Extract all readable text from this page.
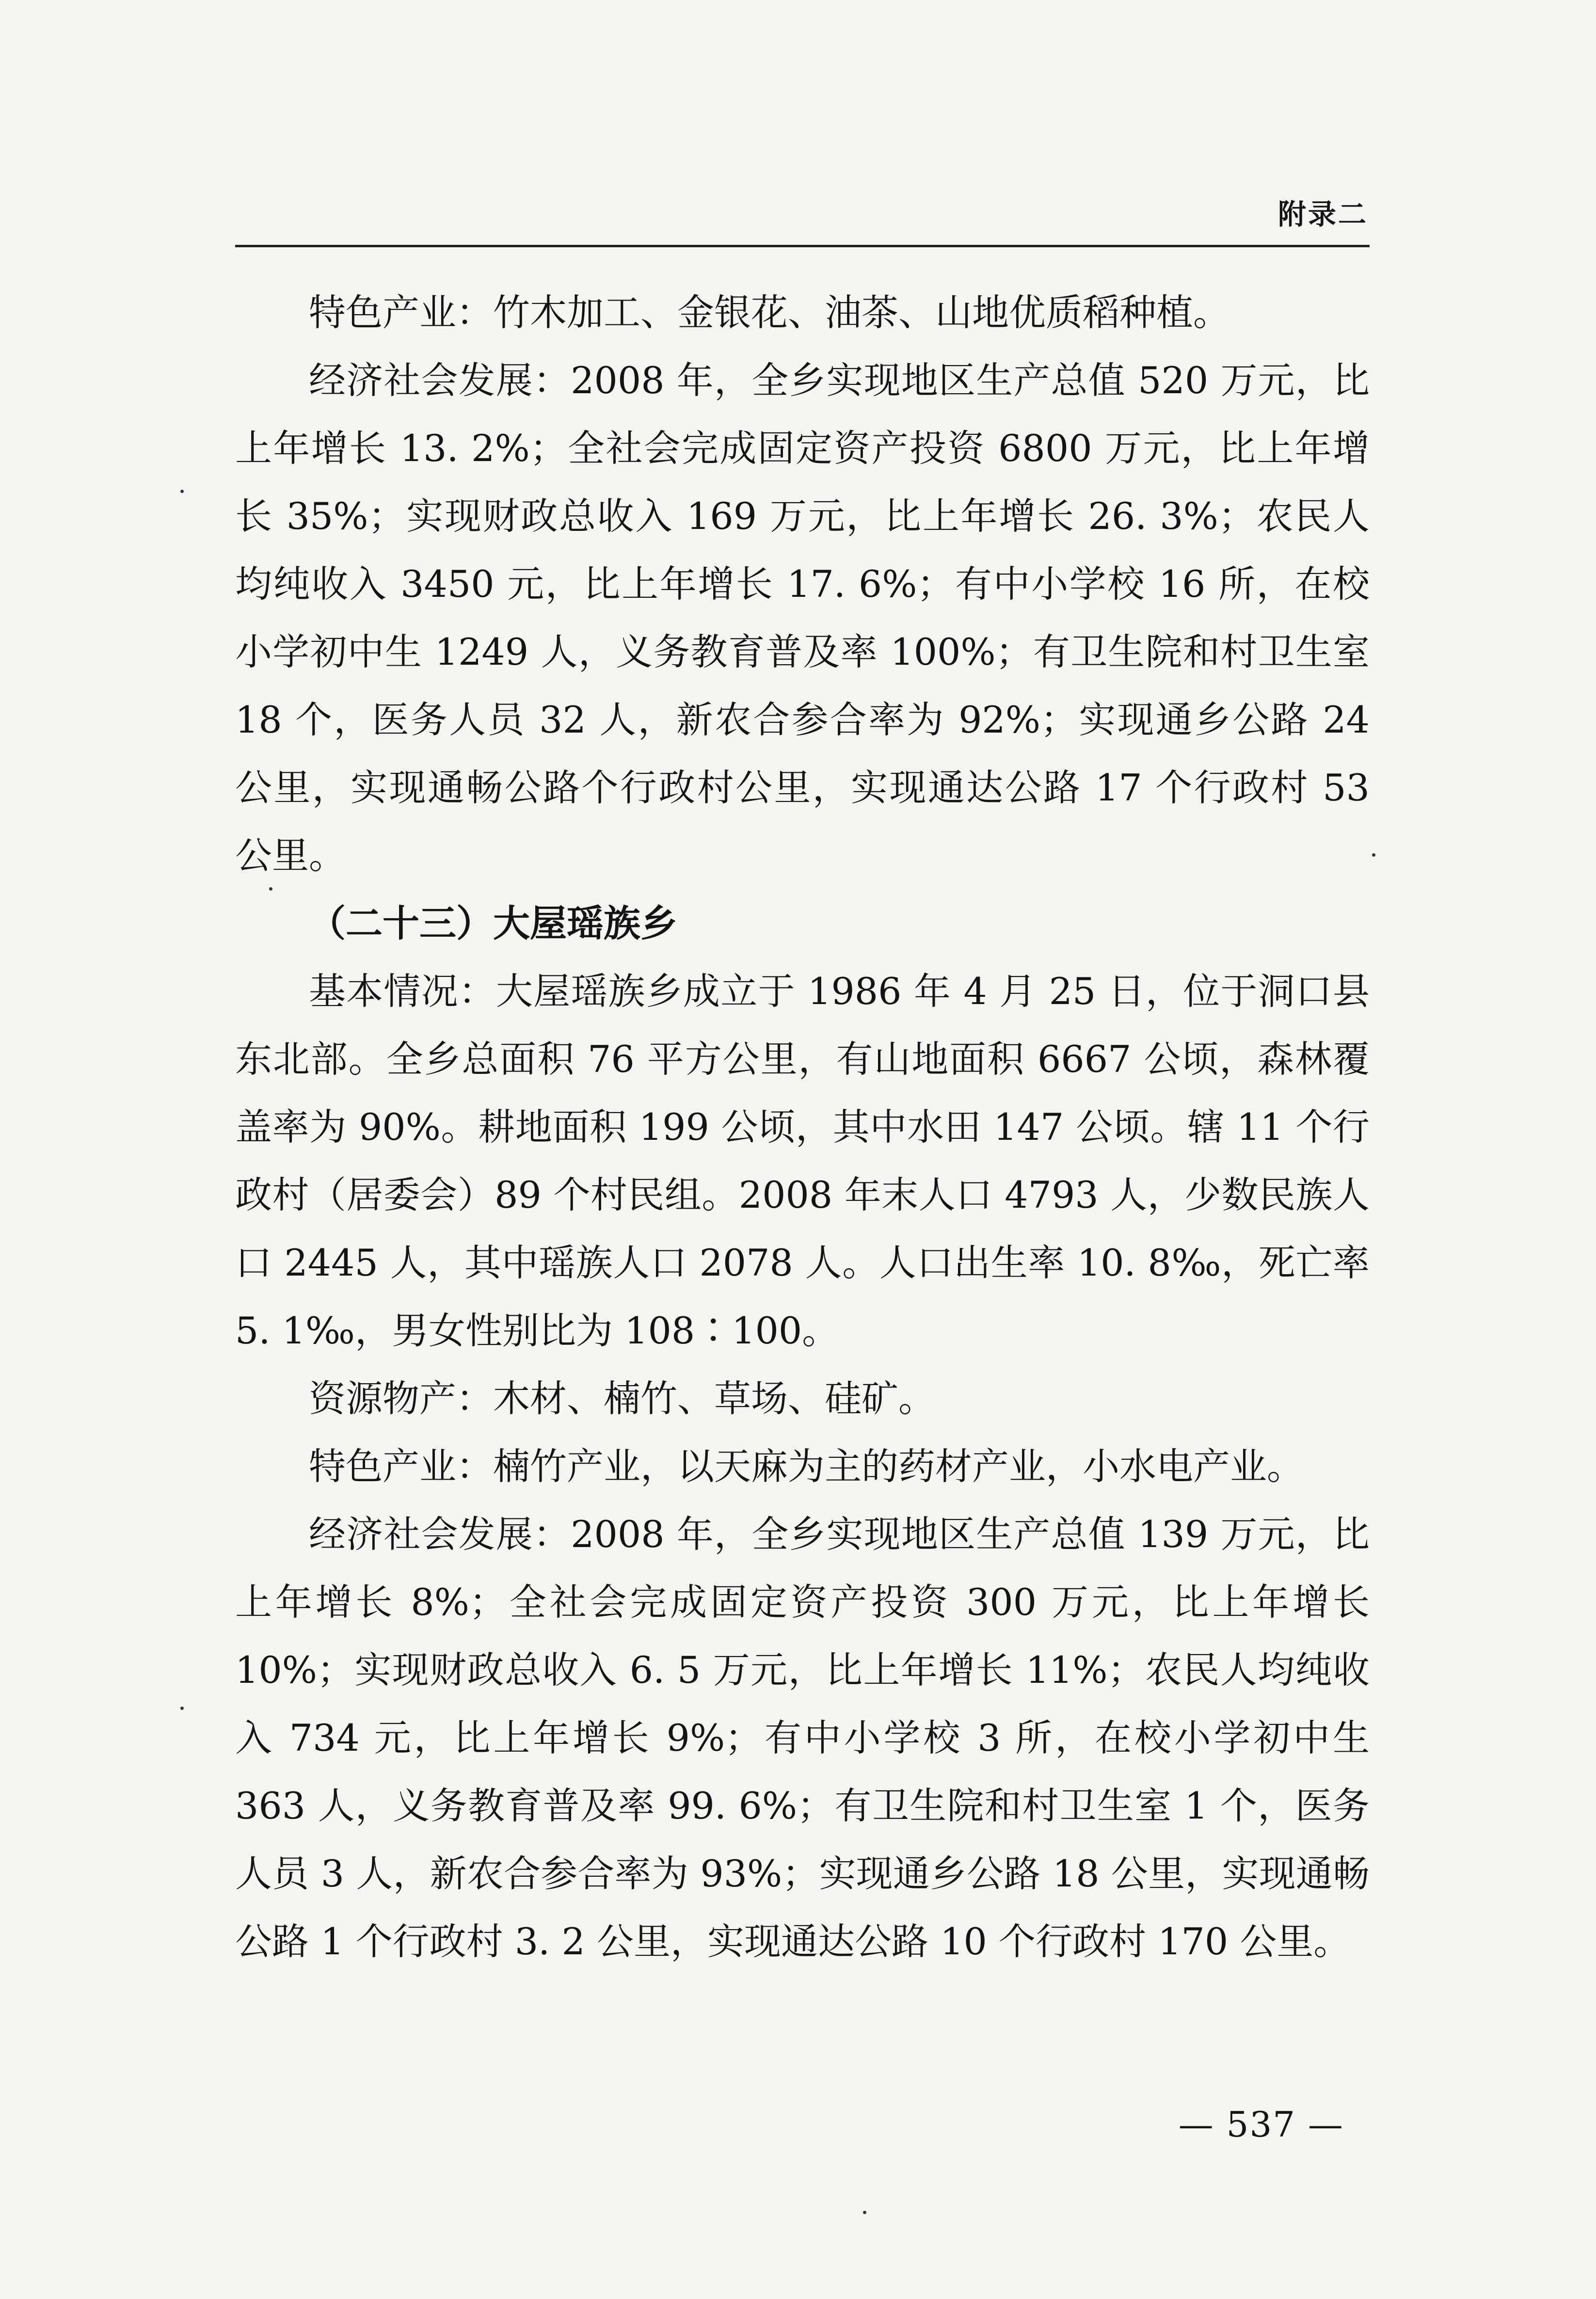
附录二

特色产业：竹木加工、金银花、油茶、山地优质稻种植。

经济社会发展：2008 年，全乡实现地区生产总值 520 万元，比上年增长 13. 2%；全社会完成固定资产投资 6800 万元，比上年增长 35%；实现财政总收入 169 万元，比上年增长 26. 3%；农民人均纯收入 3450 元，比上年增长 17. 6%；有中小学校 16 所，在校小学初中生 1249 人，义务教育普及率 100%；有卫生院和村卫生室 18 个，医务人员 32 人，新农合参合率为 92%；实现通乡公路 24 公里，实现通畅公路个行政村公里，实现通达公路 17 个行政村 53 公里。

（二十三）大屋瑶族乡

基本情况：大屋瑶族乡成立于 1986 年 4 月 25 日，位于洞口县东北部。全乡总面积 76 平方公里，有山地面积 6667 公顷，森林覆盖率为 90%。耕地面积 199 公顷，其中水田 147 公顷。辖 11 个行政村（居委会）89 个村民组。2008 年末人口 4793 人，少数民族人口 2445 人，其中瑶族人口 2078 人。人口出生率 10. 8‰，死亡率 5. 1‰，男女性别比为 108∶100。

资源物产：木材、楠竹、草场、硅矿。

特色产业：楠竹产业，以天麻为主的药材产业，小水电产业。

经济社会发展：2008 年，全乡实现地区生产总值 139 万元，比上年增长 8%；全社会完成固定资产投资 300 万元，比上年增长 10%；实现财政总收入 6. 5 万元，比上年增长 11%；农民人均纯收入 734 元，比上年增长 9%；有中小学校 3 所，在校小学初中生 363 人，义务教育普及率 99. 6%；有卫生院和村卫生室 1 个，医务人员 3 人，新农合参合率为 93%；实现通乡公路 18 公里，实现通畅公路 1 个行政村 3. 2 公里，实现通达公路 10 个行政村 170 公里。

— 537 —
